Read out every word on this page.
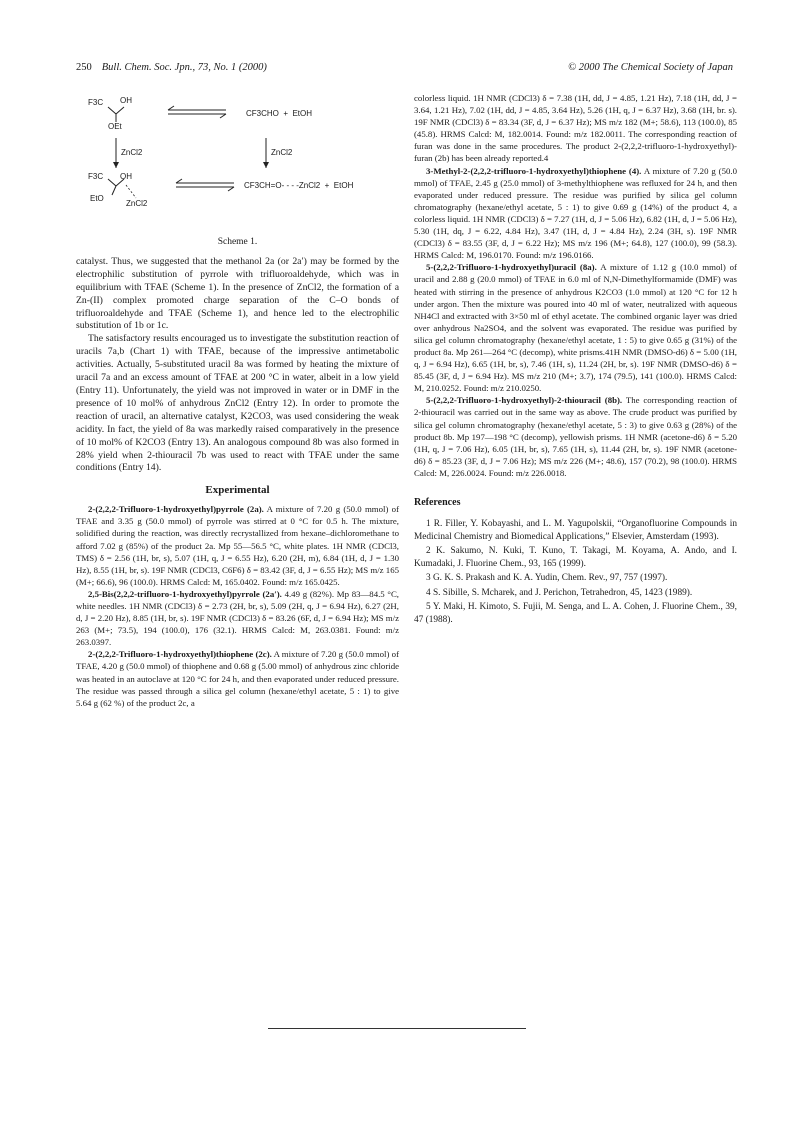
250 Bull. Chem. Soc. Jpn., 73, No. 1 (2000)	© 2000 The Chemical Society of Japan
F3C OH
OEt
CF3CHO  +  EtOH
ZnCl2	ZnCl2
F3C OH
EtO
ZnCl2
CF3CH=O- - - -ZnCl2  +  EtOH
Scheme 1.

catalyst. Thus, we suggested that the methanol 2a (or 2a′) may be formed by the electrophilic substitution of pyrrole with trifluoroaldehyde, which was in equilibrium with TFAE (Scheme 1). In the presence of ZnCl2, the formation of a Zn-(II) complex promoted charge separation of the C–O bonds of trifluoroaldehyde and TFAE (Scheme 1), and hence led to the electrophilic substitution of 1b or 1c.

The satisfactory results encouraged us to investigate the substitution reaction of uracils 7a,b (Chart 1) with TFAE, because of the impressive antimetabolic activities. Actually, 5-substituted uracil 8a was formed by heating the mixture of uracil 7a and an excess amount of TFAE at 200 °C in water, albeit in a low yield (Entry 11). Unfortunately, the yield was not improved in water or in DMF in the presence of 10 mol% of anhydrous ZnCl2 (Entry 12). In order to promote the reaction of uracil, an alternative catalyst, K2CO3, was used considering the weak acidity. In fact, the yield of 8a was markedly raised comparatively in the presence of 10 mol% of K2CO3 (Entry 13). An analogous compound 8b was also formed in 28% yield when 2-thiouracil 7b was used to react with TFAE under the same conditions (Entry 14).

Experimental

2-(2,2,2-Trifluoro-1-hydroxyethyl)pyrrole (2a). A mixture of 7.20 g (50.0 mmol) of TFAE and 3.35 g (50.0 mmol) of pyrrole was stirred at 0 °C for 0.5 h. The mixture, solidified during the reaction, was directly recrystallized from hexane–dichloromethane to afford 7.02 g (85%) of the product 2a. Mp 55—56.5 °C, white plates. 1H NMR (CDCl3, TMS) δ = 2.56 (1H, br, s), 5.07 (1H, q, J = 6.55 Hz), 6.20 (2H, m), 6.84 (1H, d, J = 1.30 Hz), 8.55 (1H, br, s). 19F NMR (CDCl3, C6F6) δ = 83.42 (3F, d, J = 6.55 Hz); MS m/z 165 (M+; 66.6), 96 (100.0). HRMS Calcd: M, 165.0402. Found: m/z 165.0425.

2,5-Bis(2,2,2-trifluoro-1-hydroxyethyl)pyrrole (2a′). 4.49 g (82%). Mp 83—84.5 °C, white needles. 1H NMR (CDCl3) δ = 2.73 (2H, br, s), 5.09 (2H, q, J = 6.94 Hz), 6.27 (2H, d, J = 2.20 Hz), 8.85 (1H, br, s). 19F NMR (CDCl3) δ = 83.26 (6F, d, J = 6.94 Hz); MS m/z 263 (M+; 73.5), 194 (100.0), 176 (32.1). HRMS Calcd: M, 263.0381. Found: m/z 263.0397.

2-(2,2,2-Trifluoro-1-hydroxyethyl)thiophene (2c). A mixture of 7.20 g (50.0 mmol) of TFAE, 4.20 g (50.0 mmol) of thiophene and 0.68 g (5.00 mmol) of anhydrous zinc chloride was heated in an autoclave at 120 °C for 24 h, and then evaporated under reduced pressure. The residue was passed through a silica gel column (hexane/ethyl acetate, 5 : 1) to give 5.64 g (62 %) of the product 2c, a

colorless liquid. 1H NMR (CDCl3) δ = 7.38 (1H, dd, J = 4.85, 1.21 Hz), 7.18 (1H, dd, J = 3.64, 1.21 Hz), 7.02 (1H, dd, J = 4.85, 3.64 Hz), 5.26 (1H, q, J = 6.37 Hz), 3.68 (1H, br. s). 19F NMR (CDCl3) δ = 83.34 (3F, d, J = 6.37 Hz); MS m/z 182 (M+; 58.6), 113 (100.0), 85 (45.8). HRMS Calcd: M, 182.0014. Found: m/z 182.0011. The corresponding reaction of furan was done in the same procedures. The product 2-(2,2,2-trifluoro-1-hydroxyethyl)-furan (2b) has been already reported.4

3-Methyl-2-(2,2,2-trifluoro-1-hydroxyethyl)thiophene (4). A mixture of 7.20 g (50.0 mmol) of TFAE, 2.45 g (25.0 mmol) of 3-methylthiophene was refluxed for 24 h, and then evaporated under reduced pressure. The residue was purified by silica gel column chromatography (hexane/ethyl acetate, 5 : 1) to give 0.69 g (14%) of the product 4, a colorless liquid. 1H NMR (CDCl3) δ = 7.27 (1H, d, J = 5.06 Hz), 6.82 (1H, d, J = 5.06 Hz), 5.30 (1H, dq, J = 6.22, 4.84 Hz), 3.47 (1H, d, J = 4.84 Hz), 2.24 (3H, s). 19F NMR (CDCl3) δ = 83.55 (3F, d, J = 6.22 Hz); MS m/z 196 (M+; 64.8), 127 (100.0), 99 (58.3). HRMS Calcd: M, 196.0170. Found: m/z 196.0166.

5-(2,2,2-Trifluoro-1-hydroxyethyl)uracil (8a). A mixture of 1.12 g (10.0 mmol) of uracil and 2.88 g (20.0 mmol) of TFAE in 6.0 ml of N,N-Dimethylformamide (DMF) was heated with stirring in the presence of anhydrous K2CO3 (1.0 mmol) at 120 °C for 12 h under argon. Then the mixture was poured into 40 ml of water, neutralized with aqueous NH4Cl and extracted with 3×50 ml of ethyl acetate. The combined organic layer was dried over anhydrous Na2SO4, and the solvent was evaporated. The residue was purified by silica gel column chromatography (hexane/ethyl acetate, 1 : 5) to give 0.65 g (31%) of the product 8a. Mp 261—264 °C (decomp), white prisms.41H NMR (DMSO-d6) δ = 5.00 (1H, q, J = 6.94 Hz), 6.65 (1H, br, s), 7.46 (1H, s), 11.24 (2H, br, s). 19F NMR (DMSO-d6) δ = 85.45 (3F, d, J = 6.94 Hz). MS m/z 210 (M+; 3.7), 174 (79.5), 141 (100.0). HRMS Calcd: M, 210.0252. Found: m/z 210.0250.

5-(2,2,2-Trifluoro-1-hydroxyethyl)-2-thiouracil (8b). The corresponding reaction of 2-thiouracil was carried out in the same way as above. The crude product was purified by silica gel column chromatography (hexane/ethyl acetate, 5 : 3) to give 0.63 g (28%) of the product 8b. Mp 197—198 °C (decomp), yellowish prisms. 1H NMR (acetone-d6) δ = 5.20 (1H, q, J = 7.06 Hz), 6.05 (1H, br, s), 7.65 (1H, s), 11.44 (2H, br, s). 19F NMR (acetone-d6) δ = 85.23 (3F, d, J = 7.06 Hz); MS m/z 226 (M+; 48.6), 157 (70.2), 98 (100.0). HRMS Calcd: M, 226.0024. Found: m/z 226.0018.

References

1 R. Filler, Y. Kobayashi, and L. M. Yagupolskii, “Organofluorine Compounds in Medicinal Chemistry and Biomedical Applications,” Elsevier, Amsterdam (1993).

2 K. Sakumo, N. Kuki, T. Kuno, T. Takagi, M. Koyama, A. Ando, and I. Kumadaki, J. Fluorine Chem., 93, 165 (1999).

3 G. K. S. Prakash and K. A. Yudin, Chem. Rev., 97, 757 (1997).

4 S. Sibille, S. Mcharek, and J. Perichon, Tetrahedron, 45, 1423 (1989).

5 Y. Maki, H. Kimoto, S. Fujii, M. Senga, and L. A. Cohen, J. Fluorine Chem., 39, 47 (1988).
